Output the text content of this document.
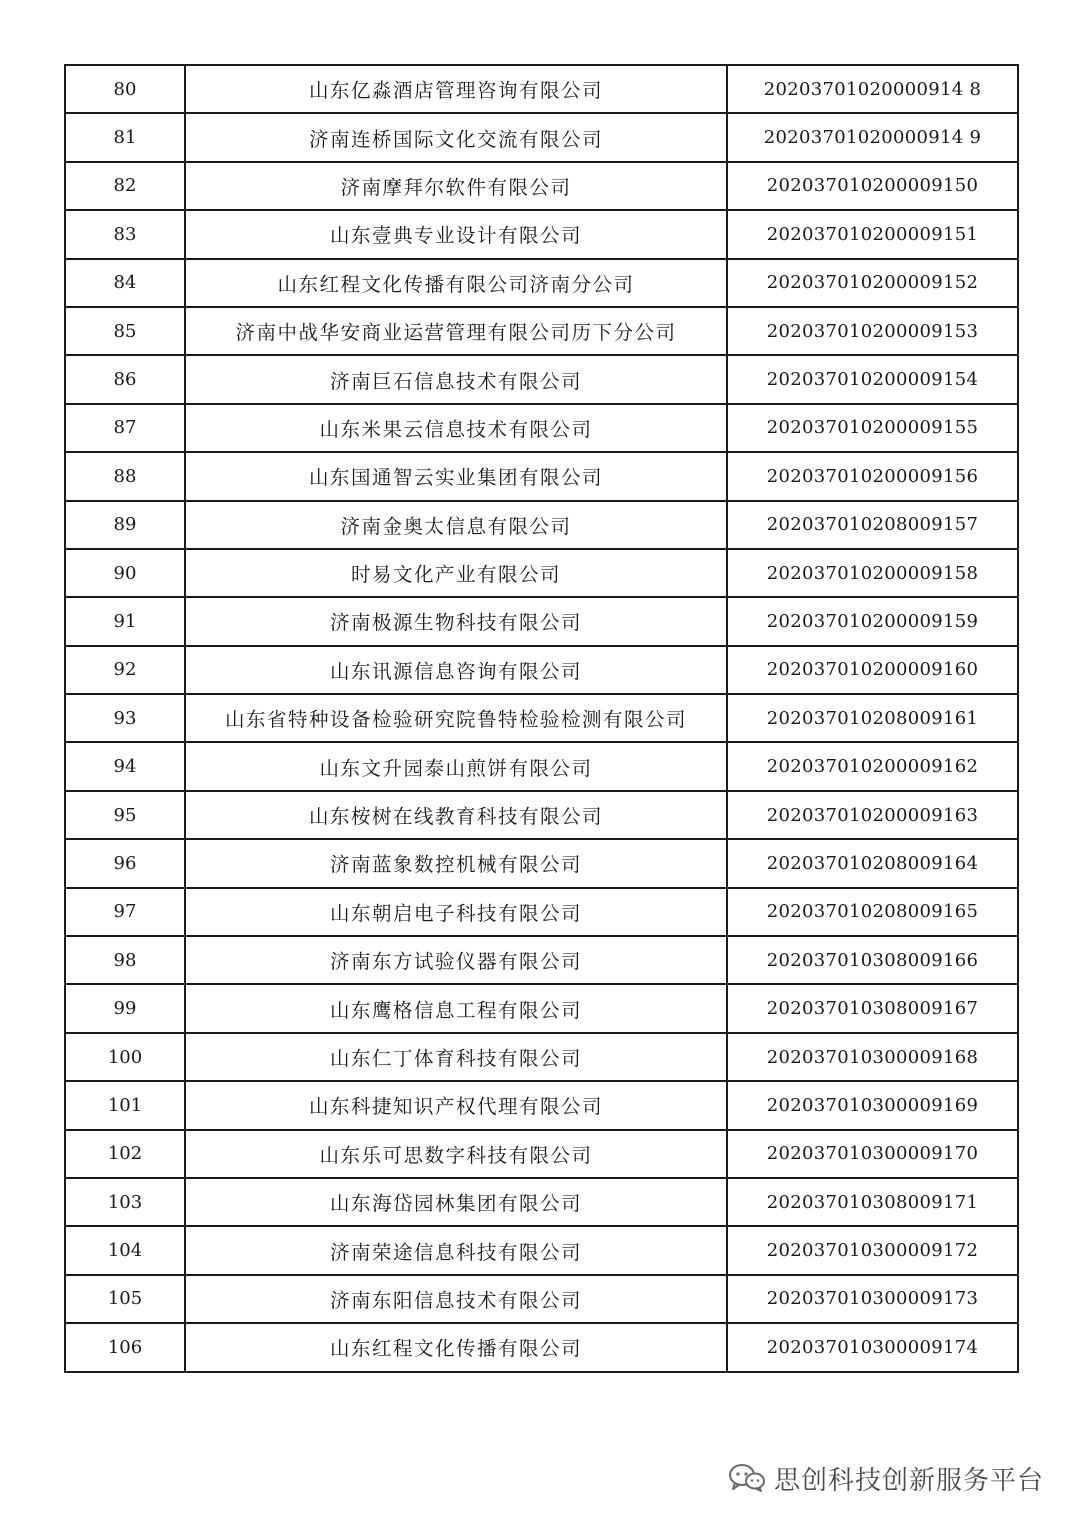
80	山东亿淼酒店管理咨询有限公司	20203701020000914 8
81	济南连桥国际文化交流有限公司	20203701020000914 9
82	济南摩拜尔软件有限公司	202037010200009150
83	山东壹典专业设计有限公司	202037010200009151
84	山东红程文化传播有限公司济南分公司	202037010200009152
85	济南中战华安商业运营管理有限公司历下分公司	202037010200009153
86	济南巨石信息技术有限公司	202037010200009154
87	山东米果云信息技术有限公司	202037010200009155
88	山东国通智云实业集团有限公司	202037010200009156
89	济南金奥太信息有限公司	202037010208009157
90	时易文化产业有限公司	202037010200009158
91	济南极源生物科技有限公司	202037010200009159
92	山东讯源信息咨询有限公司	202037010200009160
93	山东省特种设备检验研究院鲁特检验检测有限公司	202037010208009161
94	山东文升园泰山煎饼有限公司	202037010200009162
95	山东桉树在线教育科技有限公司	202037010200009163
96	济南蓝象数控机械有限公司	202037010208009164
97	山东朝启电子科技有限公司	202037010208009165
98	济南东方试验仪器有限公司	202037010308009166
99	山东鹰格信息工程有限公司	202037010308009167
100	山东仁丁体育科技有限公司	202037010300009168
101	山东科捷知识产权代理有限公司	202037010300009169
102	山东乐可思数字科技有限公司	202037010300009170
103	山东海岱园林集团有限公司	202037010308009171
104	济南荣途信息科技有限公司	202037010300009172
105	济南东阳信息技术有限公司	202037010300009173
106	山东红程文化传播有限公司	202037010300009174
思创科技创新服务平台
